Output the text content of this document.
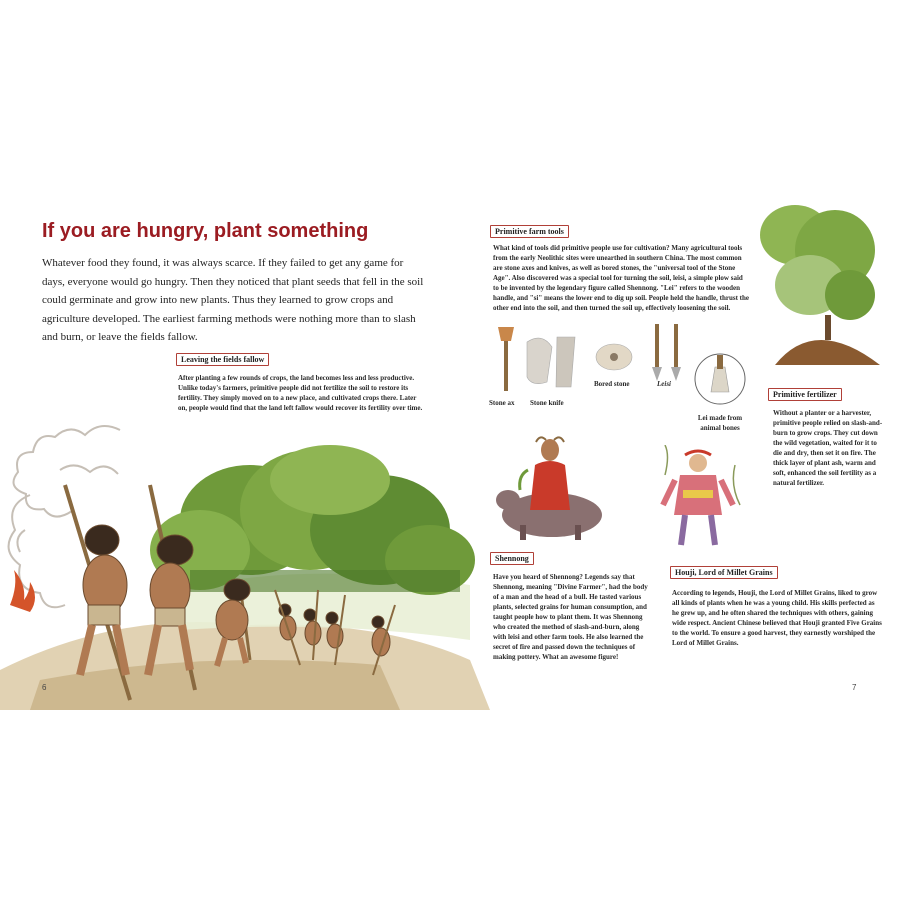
If you are hungry, plant something

Whatever food they found, it was always scarce. If they failed to get any game for days, everyone would go hungry. Then they noticed that plant seeds that fell in the soil could germinate and grow into new plants. Thus they learned to grow crops and agriculture developed. The earliest farming methods were nothing more than to slash and burn, or leave the fields fallow.

Leaving the fields fallow

After planting a few rounds of crops, the land becomes less and less productive. Unlike today's farmers, primitive people did not fertilize the soil to restore its fertility. They simply moved on to a new place, and cultivated crops there. Later on, people would find that the land left fallow would recover its fertility over time.

6
Primitive farm tools

What kind of tools did primitive people use for cultivation? Many agricultural tools from the early Neolithic sites were unearthed in southern China. The most common are stone axes and knives, as well as bored stones, the "universal tool of the Stone Age". Also discovered was a special tool for turning the soil, leisi, a simple plow said to be invented by the legendary figure called Shennong. "Lei" refers to the wooden handle, and "si" means the lower end to dig up soil. People held the handle, thrust the other end into the soil, and then turned the soil up, effectively loosening the soil.

Stone ax Stone knife
Bored stone	Leisi
Lei made from animal bones
Primitive fertilizer

Without a planter or a harvester, primitive people relied on slash-and-burn to grow crops. They cut down the wild vegetation, waited for it to die and dry, then set it on fire. The thick layer of plant ash, warm and soft, enhanced the soil fertility as a natural fertilizer.

Shennong

Have you heard of Shennong? Legends say that Shennong, meaning "Divine Farmer", had the body of a man and the head of a bull. He tasted various plants, selected grains for human consumption, and taught people how to plant them. It was Shennong who created the method of slash-and-burn, along with leisi and other farm tools. He also learned the secret of fire and passed down the techniques of making pottery. What an awesome figure!

Houji, Lord of Millet Grains

According to legends, Houji, the Lord of Millet Grains, liked to grow all kinds of plants when he was a young child. His skills perfected as he grew up, and he often shared the techniques with others, gaining wide respect. Ancient Chinese believed that Houji granted Five Grains to the world. To ensure a good harvest, they earnestly worshiped the Lord of Millet Grains.

7
